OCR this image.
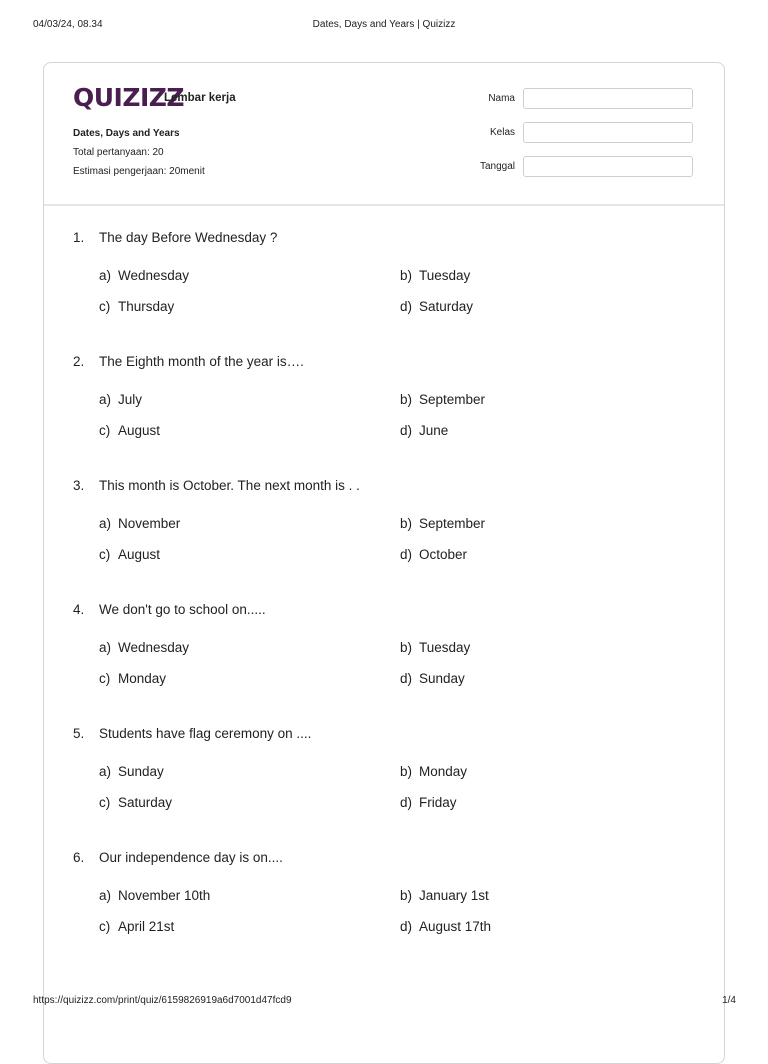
04/03/24, 08.34	Dates, Days and Years | Quizizz
QUIZIZZ
Lembar kerja
Dates, Days and Years
Total pertanyaan: 20
Estimasi pengerjaan: 20menit
Nama
Kelas
Tanggal
1. The day Before Wednesday ?
a) Wednesday	b) Tuesday
c) Thursday	d) Saturday
2. The Eighth month of the year is….
a) July	b) September
c) August	d) June
3. This month is October. The next month is . .
a) November	b) September
c) August	d) October
4. We don't go to school on.....
a) Wednesday	b) Tuesday
c) Monday	d) Sunday
5. Students have flag ceremony on ....
a) Sunday	b) Monday
c) Saturday	d) Friday
6. Our independence day is on....
a) November 10th	b) January 1st
c) April 21st	d) August 17th
https://quizizz.com/print/quiz/6159826919a6d7001d47fcd9	1/4
